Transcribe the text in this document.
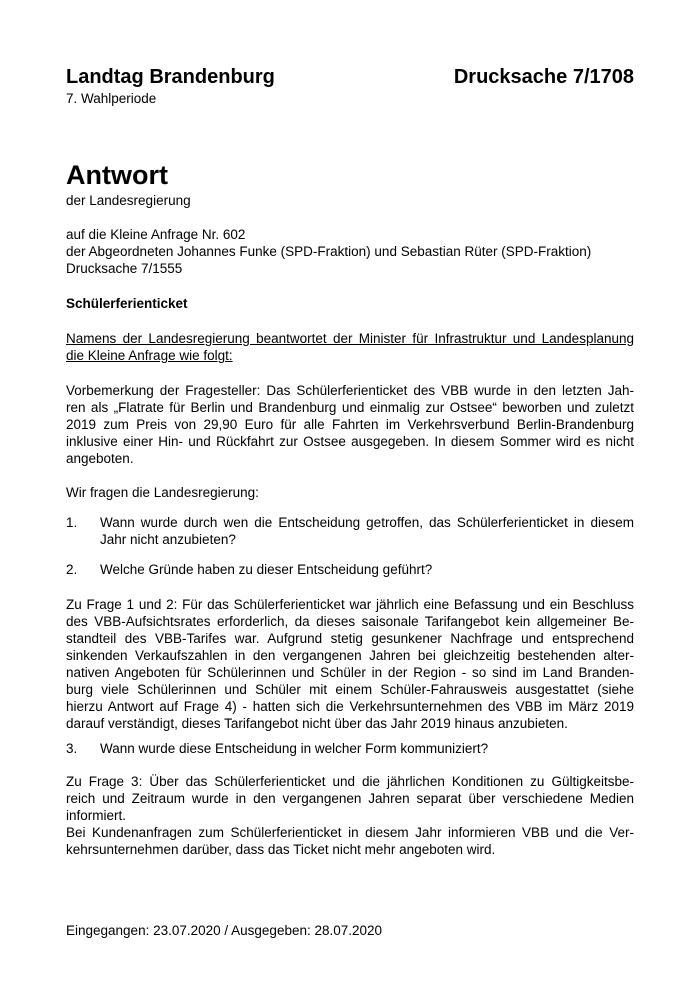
Landtag Brandenburg	Drucksache 7/1708
7. Wahlperiode
Antwort
der Landesregierung
auf die Kleine Anfrage Nr. 602
der Abgeordneten Johannes Funke (SPD-Fraktion) und Sebastian Rüter (SPD-Fraktion)
Drucksache 7/1555
Schülerferienticket
Namens der Landesregierung beantwortet der Minister für Infrastruktur und Landesplanung
die Kleine Anfrage wie folgt:
Vorbemerkung der Fragesteller: Das Schülerferienticket des VBB wurde in den letzten Jah-
ren als „Flatrate für Berlin und Brandenburg und einmalig zur Ostsee“ beworben und zuletzt
2019 zum Preis von 29,90 Euro für alle Fahrten im Verkehrsverbund Berlin-Brandenburg
inklusive einer Hin- und Rückfahrt zur Ostsee ausgegeben. In diesem Sommer wird es nicht
angeboten.
Wir fragen die Landesregierung:
1.	Wann wurde durch wen die Entscheidung getroffen, das Schülerferienticket in diesem
Jahr nicht anzubieten?
2.	Welche Gründe haben zu dieser Entscheidung geführt?
Zu Frage 1 und 2: Für das Schülerferienticket war jährlich eine Befassung und ein Beschluss
des VBB-Aufsichtsrates erforderlich, da dieses saisonale Tarifangebot kein allgemeiner Be-
standteil des VBB-Tarifes war. Aufgrund stetig gesunkener Nachfrage und entsprechend
sinkenden Verkaufszahlen in den vergangenen Jahren bei gleichzeitig bestehenden alter-
nativen Angeboten für Schülerinnen und Schüler in der Region - so sind im Land Branden-
burg viele Schülerinnen und Schüler mit einem Schüler-Fahrausweis ausgestattet (siehe
hierzu Antwort auf Frage 4) - hatten sich die Verkehrsunternehmen des VBB im März 2019
darauf verständigt, dieses Tarifangebot nicht über das Jahr 2019 hinaus anzubieten.
3.	Wann wurde diese Entscheidung in welcher Form kommuniziert?
Zu Frage 3: Über das Schülerferienticket und die jährlichen Konditionen zu Gültigkeitsbe-
reich und Zeitraum wurde in den vergangenen Jahren separat über verschiedene Medien
informiert.
Bei Kundenanfragen zum Schülerferienticket in diesem Jahr informieren VBB und die Ver-
kehrsunternehmen darüber, dass das Ticket nicht mehr angeboten wird.
Eingegangen: 23.07.2020 / Ausgegeben: 28.07.2020
